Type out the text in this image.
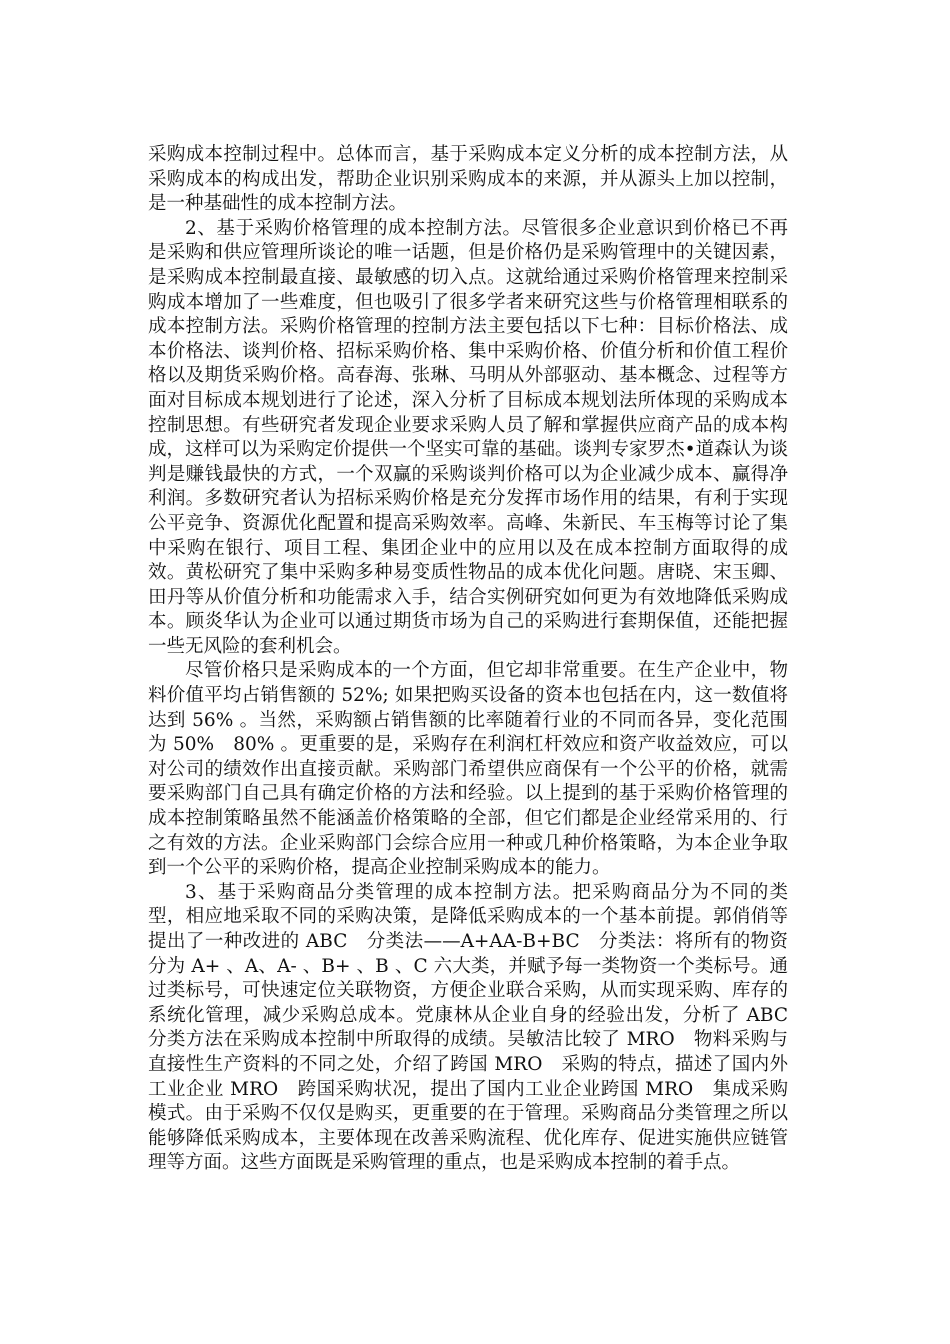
采购成本控制过程中。总体而言，基于采购成本定义分析的成本控制方法，从采购成本的构成出发，帮助企业识别采购成本的来源，并从源头上加以控制，是一种基础性的成本控制方法。

2、基于采购价格管理的成本控制方法。尽管很多企业意识到价格已不再是采购和供应管理所谈论的唯一话题，但是价格仍是采购管理中的关键因素，是采购成本控制最直接、最敏感的切入点。这就给通过采购价格管理来控制采购成本增加了一些难度，但也吸引了很多学者来研究这些与价格管理相联系的成本控制方法。采购价格管理的控制方法主要包括以下七种：目标价格法、成本价格法、谈判价格、招标采购价格、集中采购价格、价值分析和价值工程价格以及期货采购价格。高春海、张琳、马明从外部驱动、基本概念、过程等方面对目标成本规划进行了论述，深入分析了目标成本规划法所体现的采购成本控制思想。有些研究者发现企业要求采购人员了解和掌握供应商产品的成本构成，这样可以为采购定价提供一个坚实可靠的基础。谈判专家罗杰•道森认为谈判是赚钱最快的方式，一个双赢的采购谈判价格可以为企业减少成本、赢得净利润。多数研究者认为招标采购价格是充分发挥市场作用的结果，有利于实现公平竞争、资源优化配置和提高采购效率。高峰、朱新民、车玉梅等讨论了集中采购在银行、项目工程、集团企业中的应用以及在成本控制方面取得的成效。黄松研究了集中采购多种易变质性物品的成本优化问题。唐晓、宋玉卿、田丹等从价值分析和功能需求入手，结合实例研究如何更为有效地降低采购成本。顾炎华认为企业可以通过期货市场为自己的采购进行套期保值，还能把握一些无风险的套利机会。

尽管价格只是采购成本的一个方面，但它却非常重要。在生产企业中，物料价值平均占销售额的 52%; 如果把购买设备的资本也包括在内，这一数值将达到 56% 。当然，采购额占销售额的比率随着行业的不同而各异，变化范围为 50%　80% 。更重要的是，采购存在利润杠杆效应和资产收益效应，可以对公司的绩效作出直接贡献。采购部门希望供应商保有一个公平的价格，就需要采购部门自己具有确定价格的方法和经验。以上提到的基于采购价格管理的成本控制策略虽然不能涵盖价格策略的全部，但它们都是企业经常采用的、行之有效的方法。企业采购部门会综合应用一种或几种价格策略，为本企业争取到一个公平的采购价格，提高企业控制采购成本的能力。

3、基于采购商品分类管理的成本控制方法。把采购商品分为不同的类型，相应地采取不同的采购决策，是降低采购成本的一个基本前提。郭俏俏等提出了一种改进的 ABC　分类法——A+AA-B+BC　分类法：将所有的物资分为 A+ 、A、A- 、B+ 、B 、C 六大类，并赋予每一类物资一个类标号。通过类标号，可快速定位关联物资，方便企业联合采购，从而实现采购、库存的系统化管理，减少采购总成本。党康林从企业自身的经验出发，分析了 ABC　分类方法在采购成本控制中所取得的成绩。吴敏洁比较了 MRO　物料采购与直接性生产资料的不同之处，介绍了跨国 MRO　采购的特点，描述了国内外工业企业 MRO　跨国采购状况，提出了国内工业企业跨国 MRO　集成采购模式。由于采购不仅仅是购买，更重要的在于管理。采购商品分类管理之所以能够降低采购成本，主要体现在改善采购流程、优化库存、促进实施供应链管理等方面。这些方面既是采购管理的重点，也是采购成本控制的着手点。
